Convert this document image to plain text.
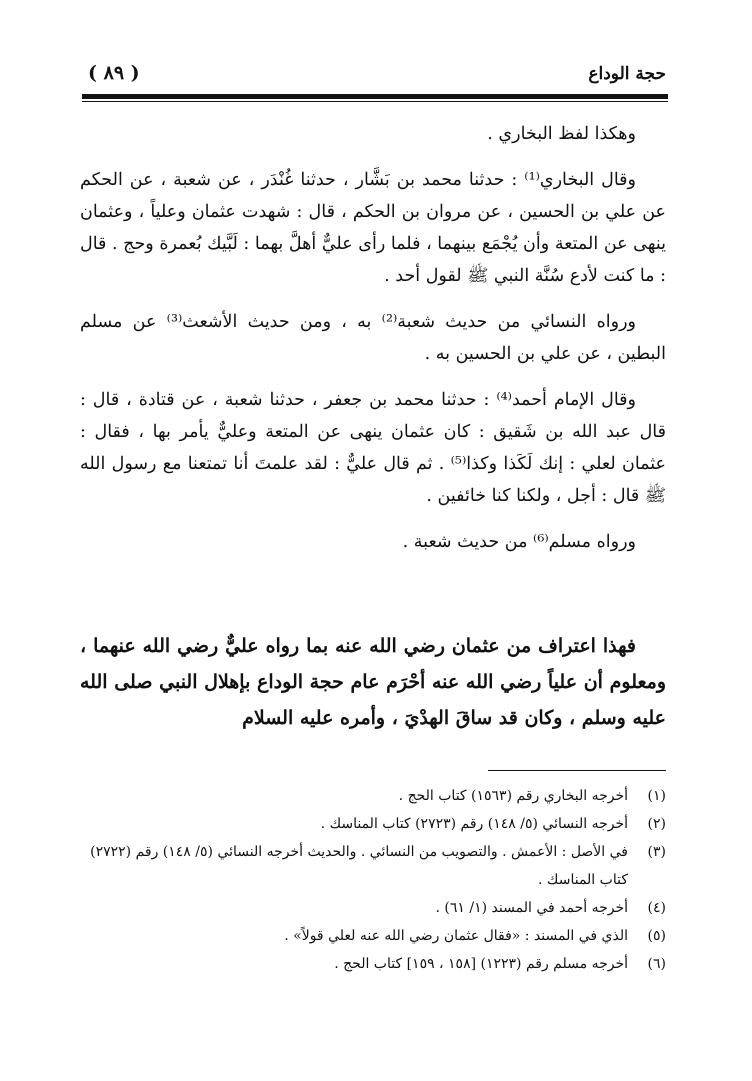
حجة الوداع
( ٨٩ )

وهكذا لفظ البخاري .

وقال البخاري⁽¹⁾ : حدثنا محمد بن بَشَّار ، حدثنا غُنْدَر ، عن شعبة ، عن الحكم عن علي بن الحسين ، عن مروان بن الحكم ، قال : شهدت عثمان وعلياً ، وعثمان ينهى عن المتعة وأن يُجْمَع بينهما ، فلما رأى عليٌّ أهلَّ بهما : لَبَّيك بُعمرة وحج . قال : ما كنت لأدع سُنَّة النبي ﷺ لقول أحد .

ورواه النسائي من حديث شعبة⁽²⁾ به ، ومن حديث الأشعث⁽³⁾ عن مسلم البطين ، عن علي بن الحسين به .

وقال الإمام أحمد⁽⁴⁾ : حدثنا محمد بن جعفر ، حدثنا شعبة ، عن قتادة ، قال : قال عبد الله بن شَقيق : كان عثمان ينهى عن المتعة وعليٌّ يأمر بها ، فقال : عثمان لعلي : إنك لَكَذا وكذا⁽⁵⁾ . ثم قال عليٌّ : لقد علمتَ أنا تمتعنا مع رسول الله ﷺ قال : أجل ، ولكنا كنا خائفين .

ورواه مسلم⁽⁶⁾ من حديث شعبة .

فهذا اعتراف من عثمان رضي الله عنه بما رواه عليٌّ رضي الله عنهما ، ومعلوم أن علياً رضي الله عنه أحْرَم عام حجة الوداع بإهلال النبي صلى الله عليه وسلم ، وكان قد ساقَ الهدْيَ ، وأمره عليه السلام
(١)
أخرجه البخاري رقم (١٥٦٣) كتاب الحج .
(٢)
أخرجه النسائي (٥/ ١٤٨) رقم (٢٧٢٣) كتاب المناسك .
(٣)
في الأصل : الأعمش . والتصويب من النسائي . والحديث أخرجه النسائي (٥/ ١٤٨) رقم (٢٧٢٢) كتاب المناسك .
(٤)
أخرجه أحمد في المسند (١/ ٦١) .
(٥)
الذي في المسند : «فقال عثمان رضي الله عنه لعلي قولاً» .
(٦)
أخرجه مسلم رقم (١٢٢٣) [١٥٨ ، ١٥٩] كتاب الحج .
